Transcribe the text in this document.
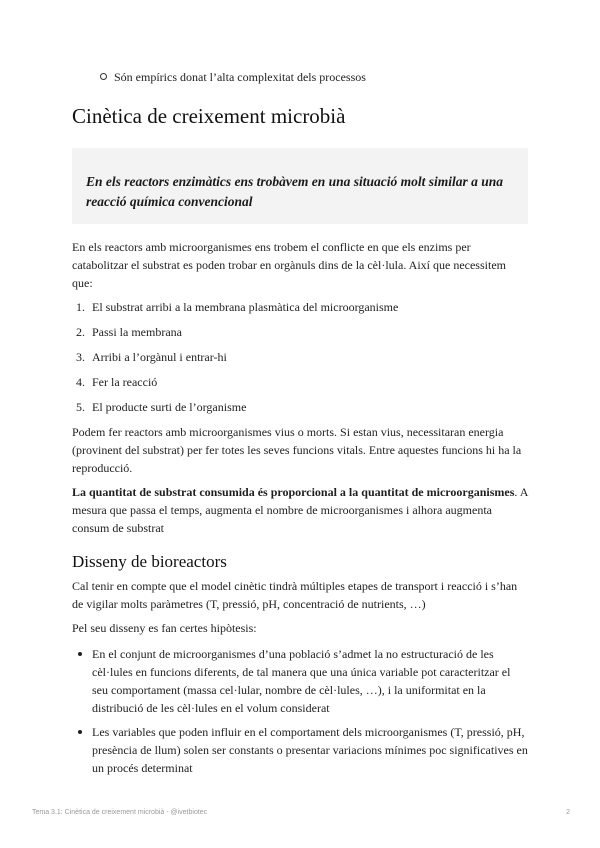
Són empírics donat l’alta complexitat dels processos
Cinètica de creixement microbià
En els reactors enzimàtics ens trobàvem en una situació molt similar a una reacció química convencional

En els reactors amb microorganismes ens trobem el conflicte en que els enzims per catabolitzar el substrat es poden trobar en orgànuls dins de la cèl·lula. Així que necessitem que:

1. El substrat arribi a la membrana plasmàtica del microorganisme
2. Passi la membrana
3. Arribi a l’orgànul i entrar-hi
4. Fer la reacció
5. El producte surti de l’organisme

Podem fer reactors amb microorganismes vius o morts. Si estan vius, necessitaran energia (provinent del substrat) per fer totes les seves funcions vitals. Entre aquestes funcions hi ha la reproducció.

La quantitat de substrat consumida és proporcional a la quantitat de microorganismes. A mesura que passa el temps, augmenta el nombre de microorganismes i alhora augmenta consum de substrat

Disseny de bioreactors

Cal tenir en compte que el model cinètic tindrà múltiples etapes de transport i reacció i s’han de vigilar molts paràmetres (T, pressió, pH, concentració de nutrients, …)

Pel seu disseny es fan certes hipòtesis:

En el conjunt de microorganismes d’una població s’admet la no estructuració de les cèl·lules en funcions diferents, de tal manera que una única variable pot caracteritzar el seu comportament (massa cel·lular, nombre de cèl·lules, …), i la uniformitat en la distribució de les cèl·lules en el volum considerat
Les variables que poden influir en el comportament dels microorganismes (T, pressió, pH, presència de llum) solen ser constants o presentar variacions mínimes poc significatives en un procés determinat
Tema 3.1: Cinètica de creixement microbià - @ivetbiotec	2
